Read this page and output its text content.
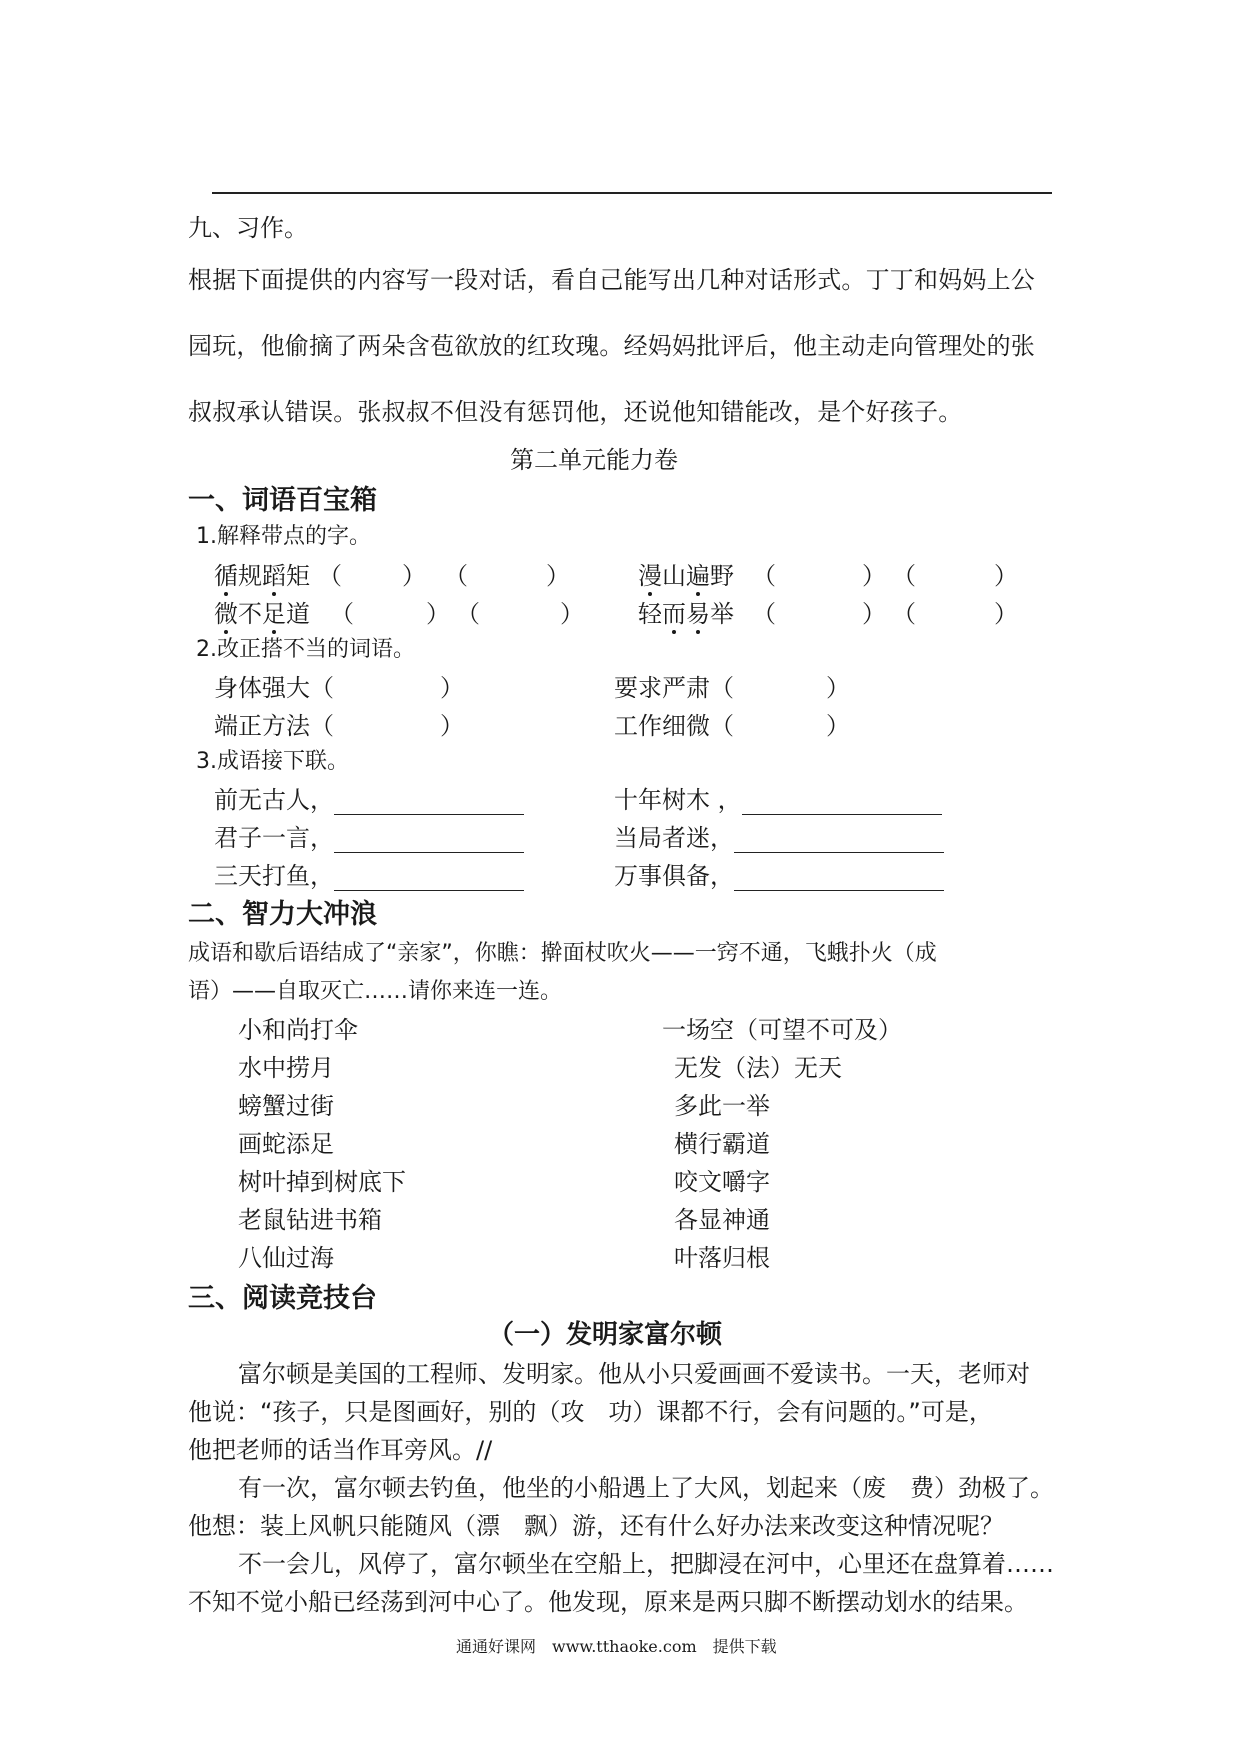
九、习作。
根据下面提供的内容写一段对话，看自己能写出几种对话形式。丁丁和妈妈上公
园玩，他偷摘了两朵含苞欲放的红玫瑰。经妈妈批评后，他主动走向管理处的张
叔叔承认错误。张叔叔不但没有惩罚他，还说他知错能改，是个好孩子。
第二单元能力卷
一、词语百宝箱
1.解释带点的字。
循规蹈矩 （	） （	）	漫山遍野 （	） （	）
微不足道 （	） （	） 轻而易举 （	） （	）
2.改正搭不当的词语。
身体强大（	）	要求严肃（	）
端正方法（	）	工作细微（	）
3.成语接下联。
前无古人，	十年树木 ，
君子一言，	当局者迷，
三天打鱼，	万事俱备，
二、智力大冲浪
成语和歇后语结成了“亲家”，你瞧：擀面杖吹火——一窍不通，飞蛾扑火（成
语）——自取灭亡……请你来连一连。
小和尚打伞
水中捞月
螃蟹过街
画蛇添足
树叶掉到树底下
老鼠钻进书箱
八仙过海
一场空（可望不可及）
无发（法）无天
多此一举
横行霸道
咬文嚼字
各显神通
叶落归根
三、阅读竞技台
（一）发明家富尔顿
富尔顿是美国的工程师、发明家。他从小只爱画画不爱读书。一天，老师对
他说：“孩子，只是图画好，别的（攻　功）课都不行，会有问题的。”可是，
他把老师的话当作耳旁风。//
有一次，富尔顿去钓鱼，他坐的小船遇上了大风，划起来（废　费）劲极了。
他想：装上风帆只能随风（漂　飘）游，还有什么好办法来改变这种情况呢？
不一会儿，风停了，富尔顿坐在空船上，把脚浸在河中，心里还在盘算着……
不知不觉小船已经荡到河中心了。他发现，原来是两只脚不断摆动划水的结果。
通通好课网　www.tthaoke.com　提供下载
